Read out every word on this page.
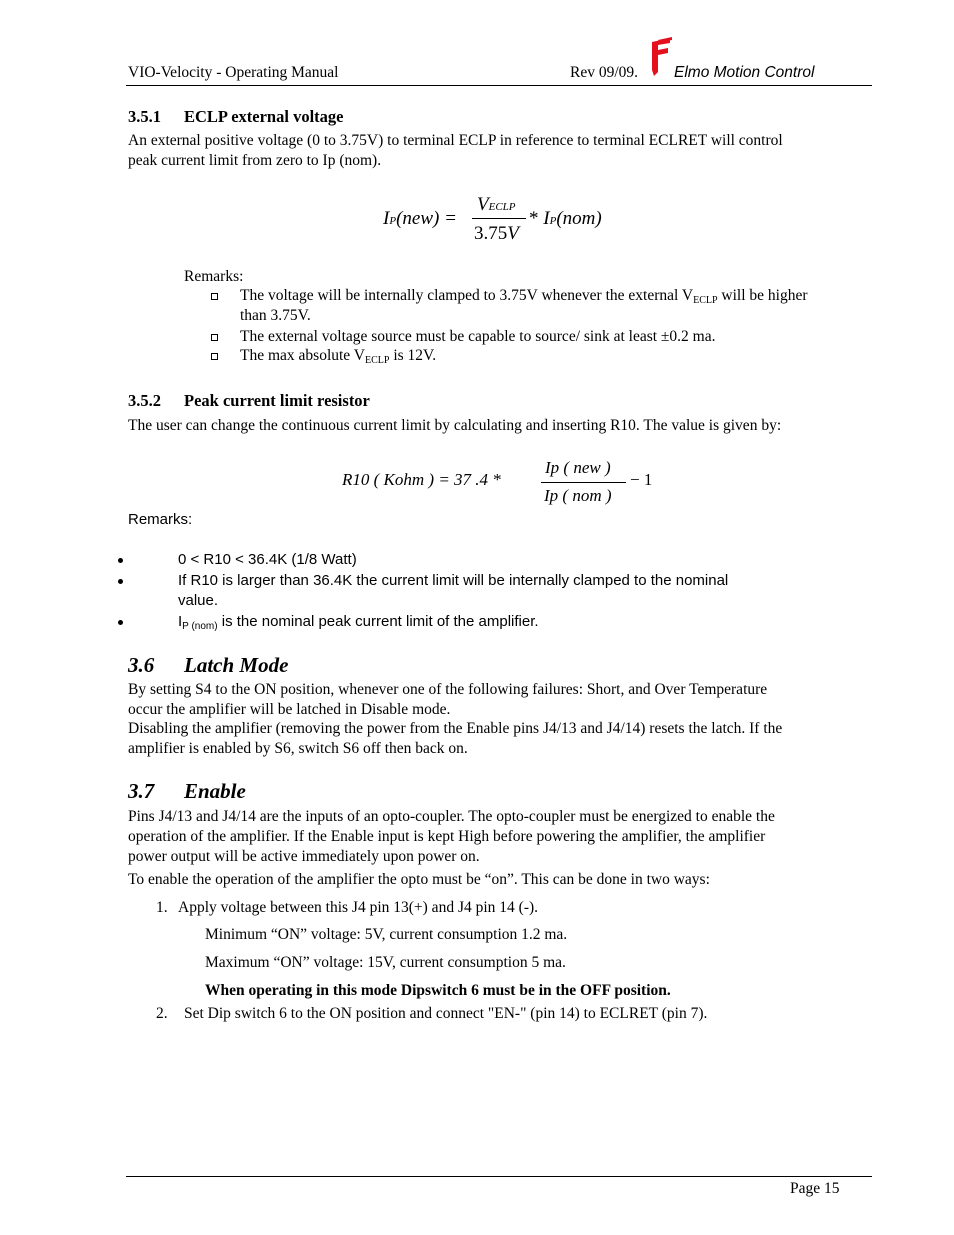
VIO-Velocity - Operating Manual	Rev 09/09. Elmo Motion Control
3.5.1 ECLP external voltage
An external positive voltage (0 to 3.75V) to terminal ECLP in reference to terminal ECLRET will control
peak current limit from zero to Ip (nom).
IP(new) =
VECLP
3.75V
* IP(nom)
Remarks:
The voltage will be internally clamped to 3.75V whenever the external $V_{ECLP}$ will be higher
than 3.75V.
The external voltage source must be capable to source/ sink at least ±0.2 ma.
The max absolute $V_{ECLP}$ is 12V.
3.5.2 Peak current limit resistor
The user can change the continuous current limit by calculating and inserting R10. The value is given by:
R10 ( Kohm ) = 37 .4 *
Ip ( new )
Ip ( nom )
− 1
Remarks:
0 < R10 < 36.4K (1/8 Watt)
If R10 is larger than 36.4K the current limit will be internally clamped to the nominal
value.
$I_{P (nom)}$ is the nominal peak current limit of the amplifier.
3.6 Latch Mode
By setting S4 to the ON position, whenever one of the following failures: Short, and Over Temperature
occur the amplifier will be latched in Disable mode.
Disabling the amplifier (removing the power from the Enable pins J4/13 and J4/14) resets the latch. If the
amplifier is enabled by S6, switch S6 off then back on.
3.7 Enable
Pins J4/13 and J4/14 are the inputs of an opto-coupler. The opto-coupler must be energized to enable the
operation of the amplifier. If the Enable input is kept High before powering the amplifier, the amplifier
power output will be active immediately upon power on.
To enable the operation of the amplifier the opto must be “on”. This can be done in two ways:
1. Apply voltage between this J4 pin 13(+) and J4 pin 14 (-).
Minimum “ON” voltage: 5V, current consumption 1.2 ma.
Maximum “ON” voltage: 15V, current consumption 5 ma.
When operating in this mode Dipswitch 6 must be in the OFF position.
2. Set Dip switch 6 to the ON position and connect "EN-" (pin 14) to ECLRET (pin 7).
Page 15
